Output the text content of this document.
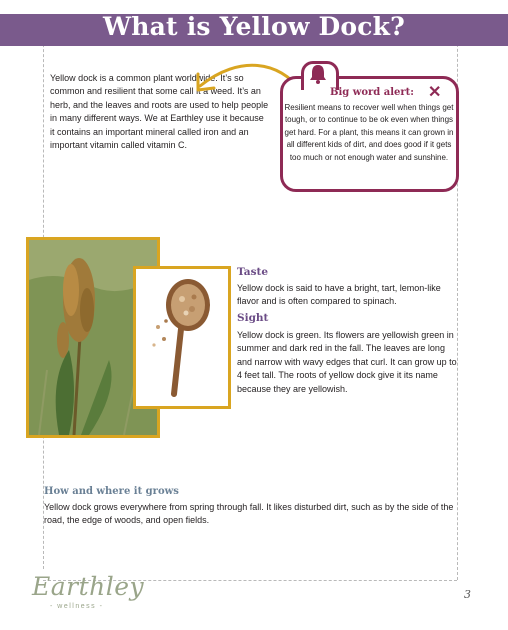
What is Yellow Dock?
Yellow dock is a common plant worldwide. It’s so common and resilient that some call it a weed. It’s an herb, and the leaves and roots are used to help people in many different ways. We at Earthley use it because it contains an important mineral called iron and an important vitamin called vitamin C.
Big word alert: ✕
Resilient means to recover well when things get tough, or to continue to be ok even when things get hard. For a plant, this means it can grown in all different kids of dirt, and does good if it gets too much or not enough water and sunshine.
Taste
Yellow dock is said to have a bright, tart, lemon-like flavor and is often compared to spinach.
Sight
Yellow dock is green. Its flowers are yellowish green in summer and dark red in the fall. The leaves are long and narrow with wavy edges that curl. It can grow up to 4 feet tall. The roots of yellow dock give it its name because they are yellowish.
How and where it grows
Yellow dock grows everywhere from spring through fall. It likes disturbed dirt, such as by the side of the road, the edge of woods, and open fields.
Earthley
- wellness -
3
